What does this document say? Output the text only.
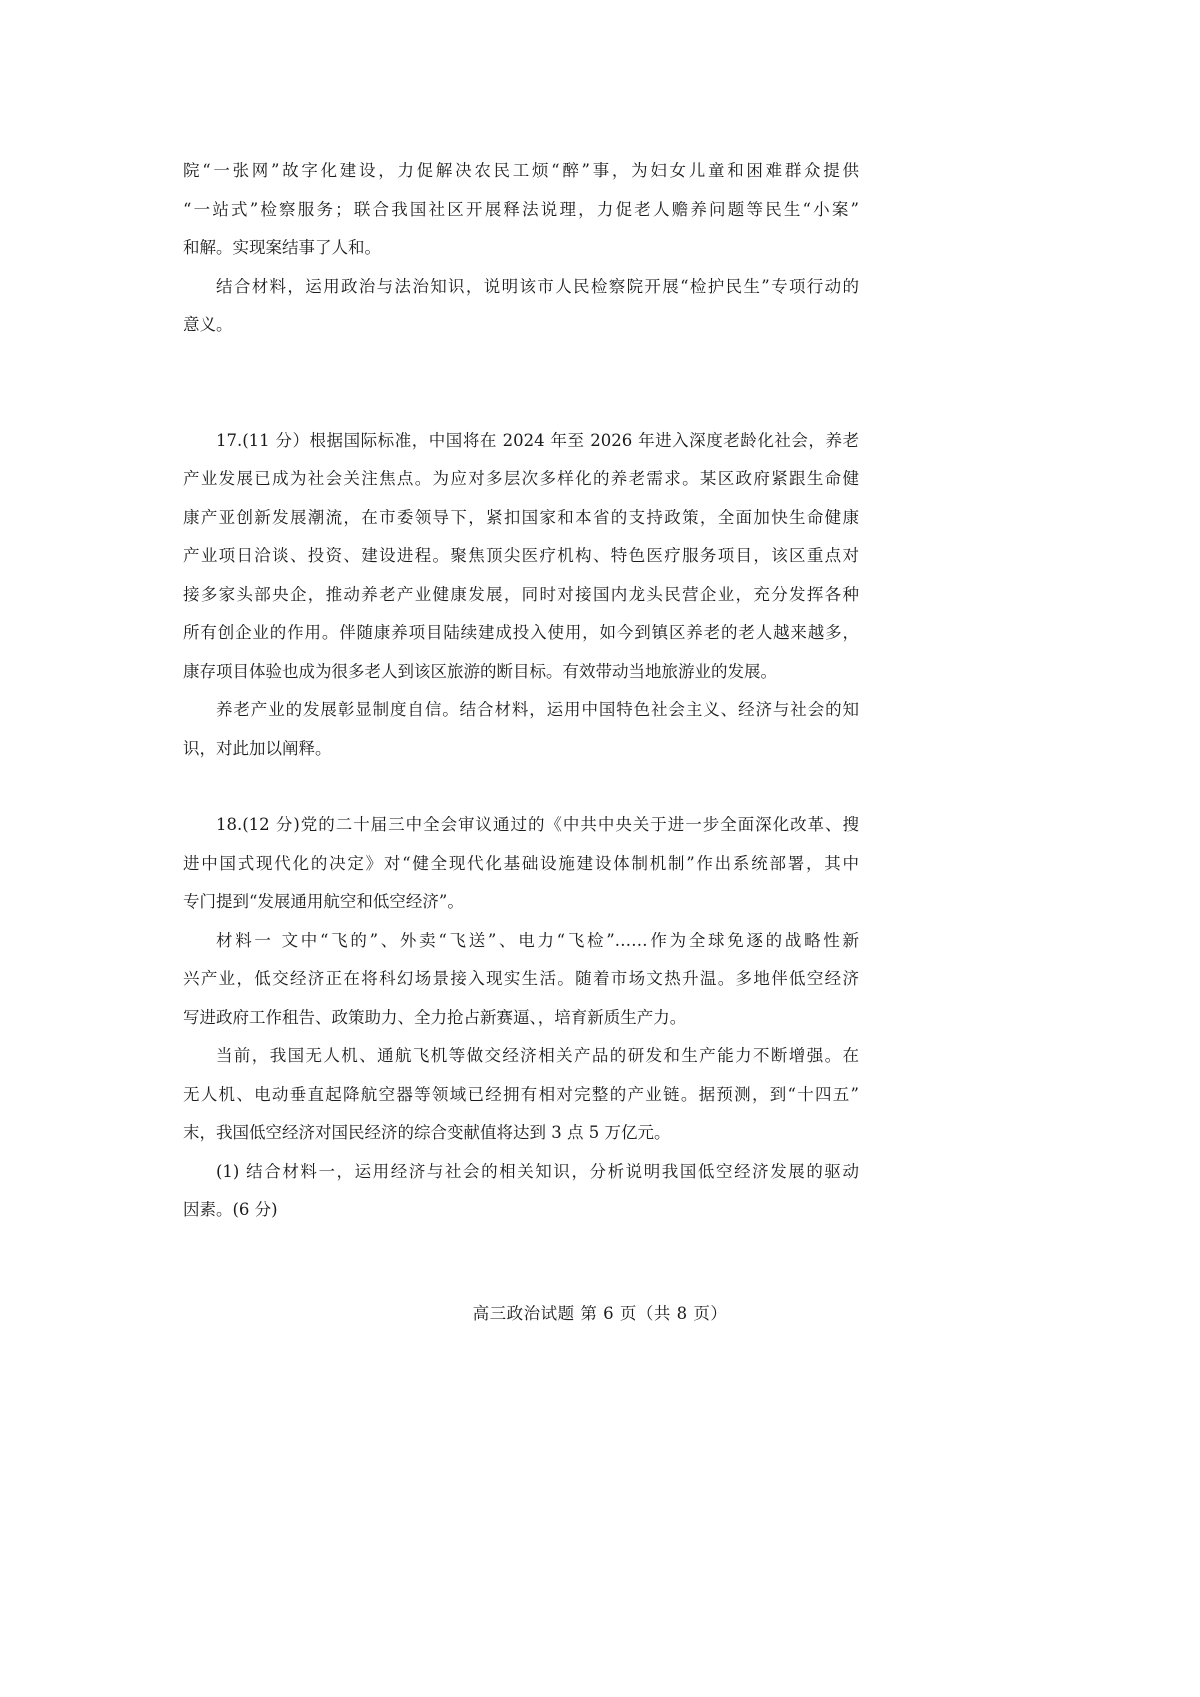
院“一张网”故字化建设，力促解决农民工烦“醉”事，为妇女儿童和困难群众提供

“一站式”检察服务；联合我国社区开展释法说理，力促老人赡养问题等民生“小案”

和解。实现案结事了人和。

结合材料，运用政治与法治知识，说明该市人民检察院开展“检护民生”专项行动的

意义。

17.(11 分）根据国际标准，中国将在 2024 年至 2026 年进入深度老龄化社会，养老

产业发展已成为社会关注焦点。为应对多层次多样化的养老需求。某区政府紧跟生命健

康产亚创新发展潮流，在市委领导下，紧扣国家和本省的支持政策，全面加快生命健康

产业项日洽谈、投资、建设进程。聚焦顶尖医疗机构、特色医疗服务项目，该区重点对

接多家头部央企，推动养老产业健康发展，同时对接国内龙头民营企业，充分发挥各种

所有创企业的作用。伴随康养项目陆续建成投入使用，如今到镇区养老的老人越来越多，

康存项目体验也成为很多老人到该区旅游的断目标。有效带动当地旅游业的发展。

养老产业的发展彰显制度自信。结合材料，运用中国特色社会主义、经济与社会的知

识，对此加以阐释。

18.(12 分)党的二十届三中全会审议通过的《中共中央关于进一步全面深化改革、搜

进中国式现代化的决定》对“健全现代化基础设施建设体制机制”作出系统部署，其中

专门提到“发展通用航空和低空经济”。

材料一 文中“飞的”、外卖“飞送”、电力“飞检”……作为全球免逐的战略性新

兴产业，低交经济正在将科幻场景接入现实生活。随着市场文热升温。多地伴低空经济

写进政府工作租告、政策助力、全力抢占新赛逼、，培育新质生产力。

当前，我国无人机、通航飞机等做交经济相关产品的研发和生产能力不断增强。在

无人机、电动垂直起降航空器等领域已经拥有相对完整的产业链。据预测，到“十四五”

末，我国低空经济对国民经济的综合变献值将达到 3 点 5 万亿元。

(1) 结合材料一，运用经济与社会的相关知识，分析说明我国低空经济发展的驱动

因素。(6 分)

高三政治试题 第 6 页（共 8 页）
